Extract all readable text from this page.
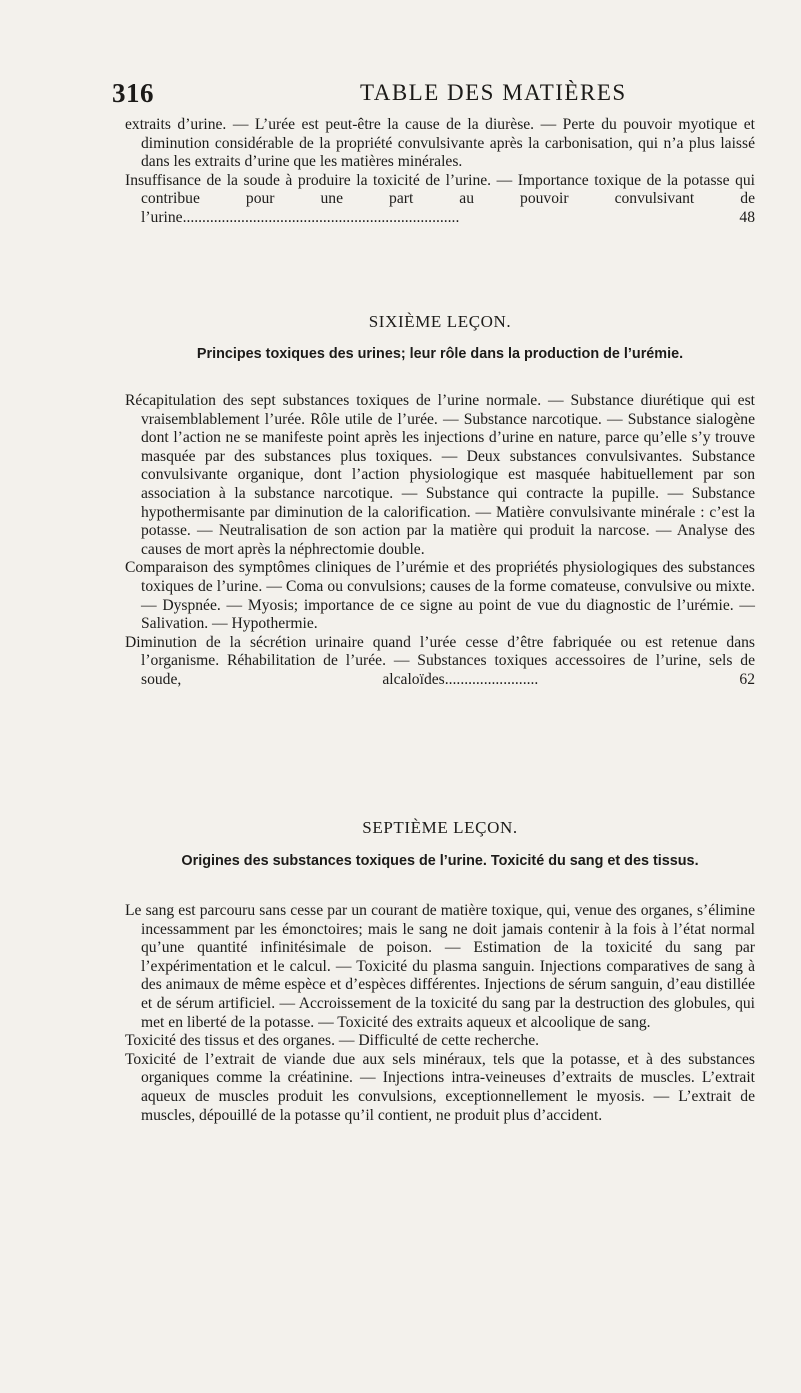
316	TABLE DES MATIÈRES

extraits d’urine. — L’urée est peut-être la cause de la diurèse. — Perte du pouvoir myotique et diminution considérable de la propriété convulsivante après la carbonisation, qui n’a plus laissé dans les extraits d’urine que les matières minérales.

Insuffisance de la soude à produire la toxicité de l’urine. — Importance toxique de la potasse qui contribue pour une part au pouvoir convulsivant de l’urine.......................................................................	48

SIXIÈME LEÇON.
Principes toxiques des urines; leur rôle dans la production de l’urémie.

Récapitulation des sept substances toxiques de l’urine normale. — Substance diurétique qui est vraisemblablement l’urée. Rôle utile de l’urée. — Substance narcotique. — Substance sialogène dont l’action ne se manifeste point après les injections d’urine en nature, parce qu’elle s’y trouve masquée par des substances plus toxiques. — Deux substances convulsivantes. Substance convulsivante organique, dont l’action physiologique est masquée habituellement par son association à la substance narcotique. — Substance qui contracte la pupille. — Substance hypothermisante par diminution de la calorification. — Matière convulsivante minérale : c’est la potasse. — Neutralisation de son action par la matière qui produit la narcose. — Analyse des causes de mort après la néphrectomie double.

Comparaison des symptômes cliniques de l’urémie et des propriétés physiologiques des substances toxiques de l’urine. — Coma ou convulsions; causes de la forme comateuse, convulsive ou mixte. — Dyspnée. — Myosis; importance de ce signe au point de vue du diagnostic de l’urémie. — Salivation. — Hypothermie.

Diminution de la sécrétion urinaire quand l’urée cesse d’être fabriquée ou est retenue dans l’organisme. Réhabilitation de l’urée. — Substances toxiques accessoires de l’urine, sels de soude, alcaloïdes........................	62

SEPTIÈME LEÇON.
Origines des substances toxiques de l’urine. Toxicité du sang et des tissus.

Le sang est parcouru sans cesse par un courant de matière toxique, qui, venue des organes, s’élimine incessamment par les émonctoires; mais le sang ne doit jamais contenir à la fois à l’état normal qu’une quantité infinitésimale de poison. — Estimation de la toxicité du sang par l’expérimentation et le calcul. — Toxicité du plasma sanguin. Injections comparatives de sang à des animaux de même espèce et d’espèces différentes. Injections de sérum sanguin, d’eau distillée et de sérum artificiel. — Accroissement de la toxicité du sang par la destruction des globules, qui met en liberté de la potasse. — Toxicité des extraits aqueux et alcoolique de sang.

Toxicité des tissus et des organes. — Difficulté de cette recherche.

Toxicité de l’extrait de viande due aux sels minéraux, tels que la potasse, et à des substances organiques comme la créatinine. — Injections intra-veineuses d’extraits de muscles. L’extrait aqueux de muscles produit les convulsions, exceptionnellement le myosis. — L’extrait de muscles, dépouillé de la potasse qu’il contient, ne produit plus d’accident.
